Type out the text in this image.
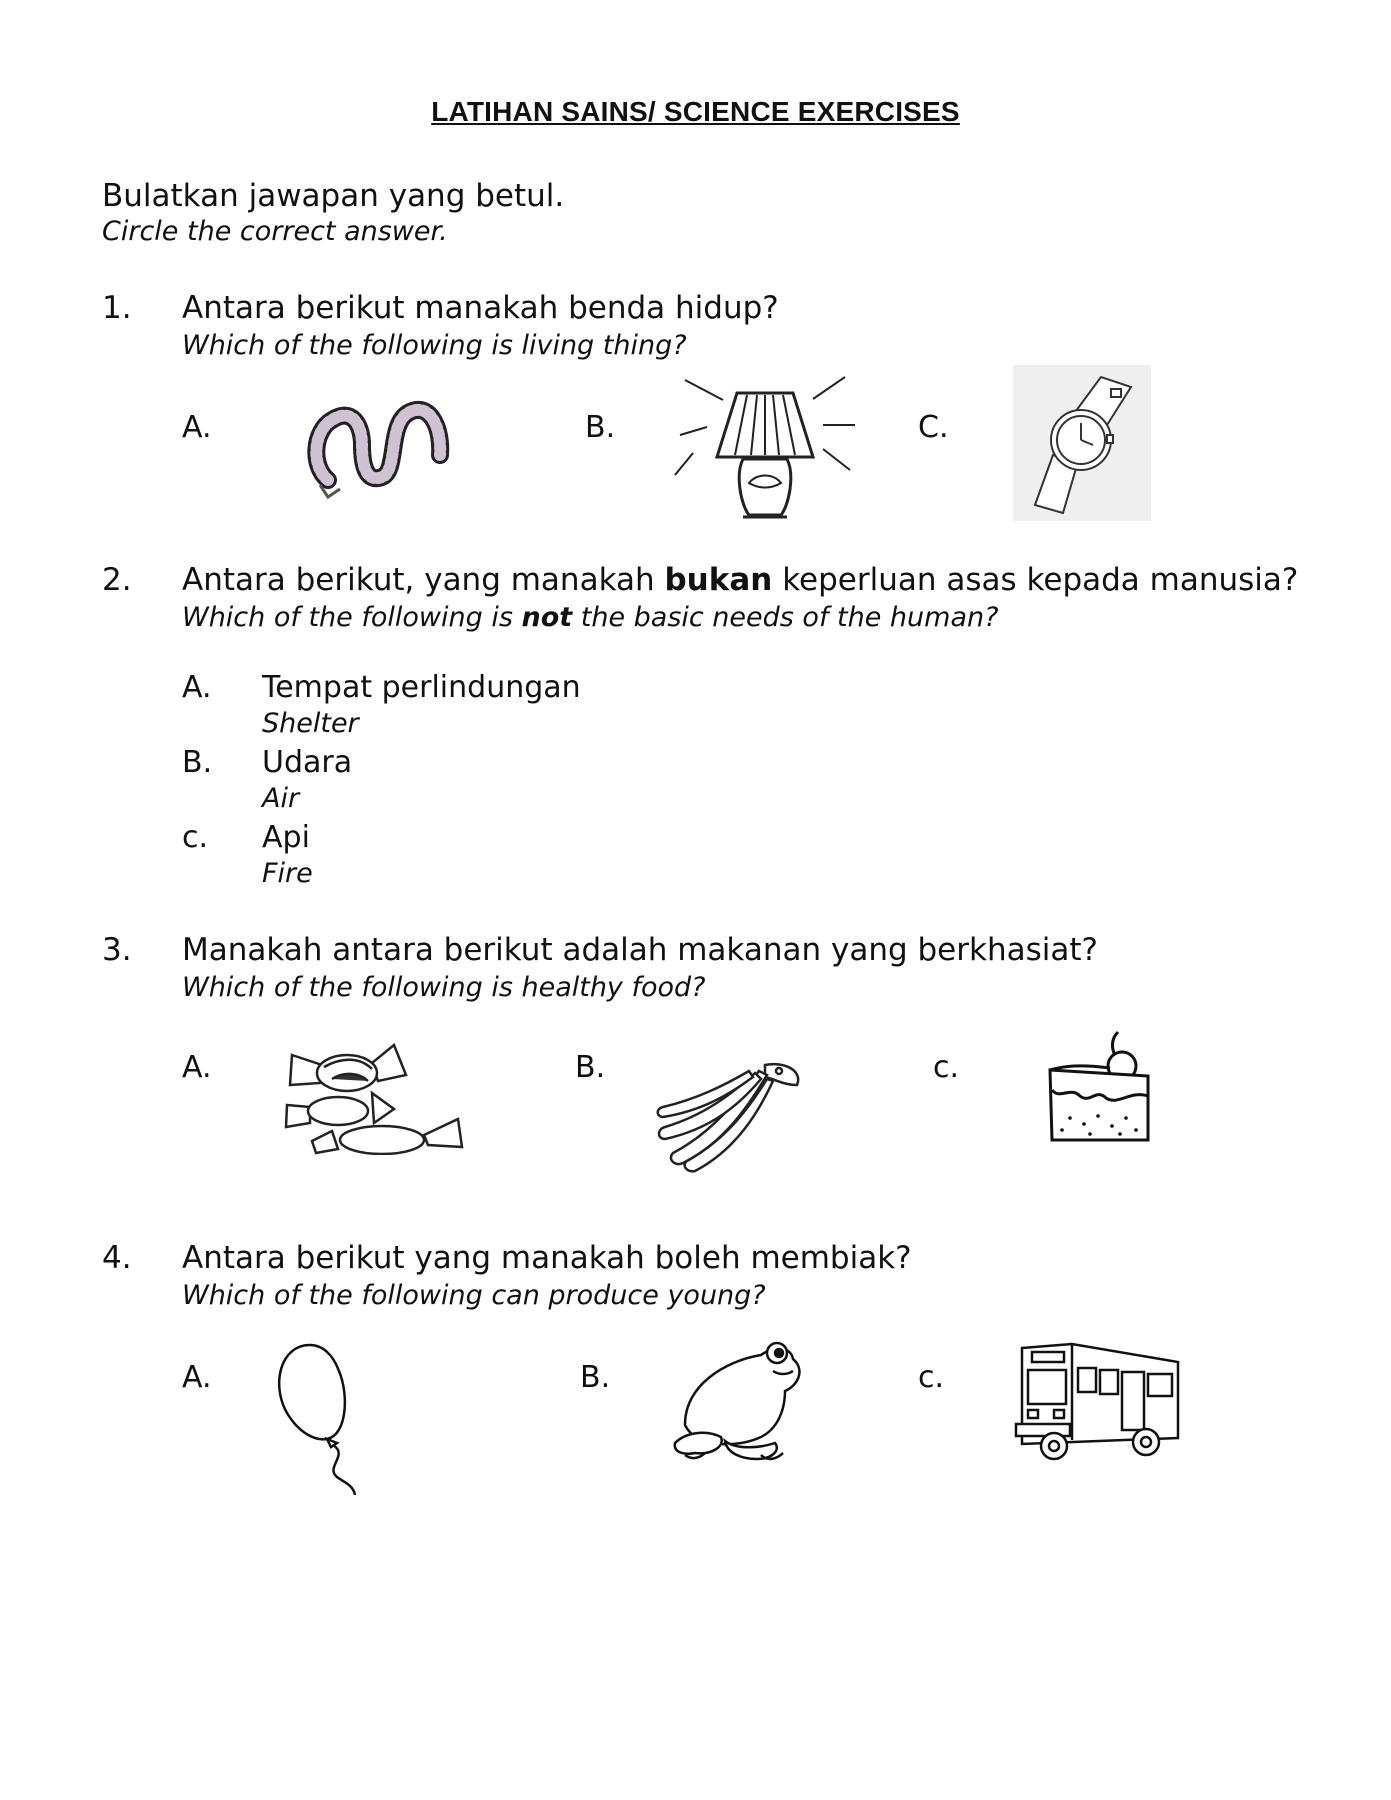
LATIHAN SAINS/ SCIENCE EXERCISES
Bulatkan jawapan yang betul.
Circle the correct answer.
1. Antara berikut manakah benda hidup?
Which of the following is living thing?
A.	B.	C.
2. Antara berikut, yang manakah bukan keperluan asas kepada manusia?
Which of the following is not the basic needs of the human?
A. Tempat perlindungan
Shelter
B. Udara
Air
c. Api
Fire
3. Manakah antara berikut adalah makanan yang berkhasiat?
Which of the following is healthy food?
A.	B.	c.
4. Antara berikut yang manakah boleh membiak?
Which of the following can produce young?
A.	B.	c.
